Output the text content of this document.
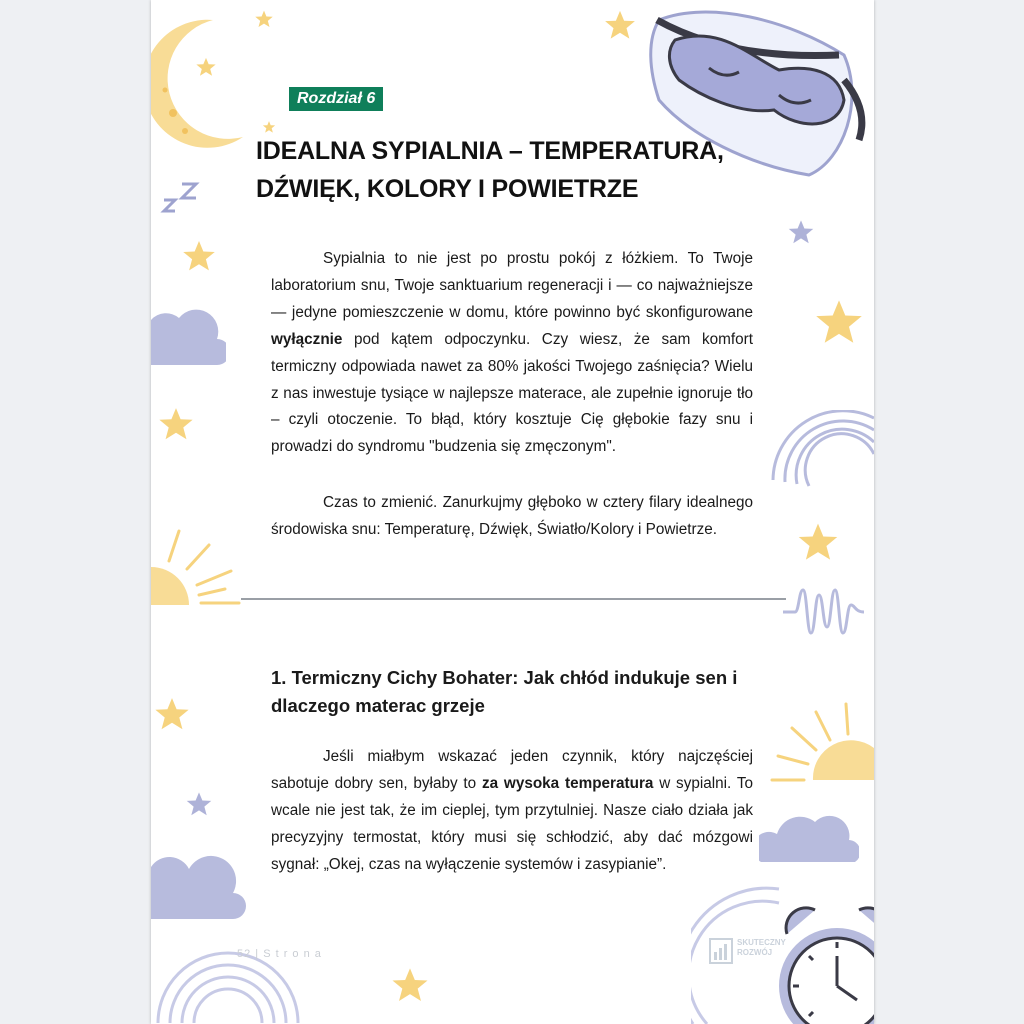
Rozdział 6
IDEALNA SYPIALNIA – TEMPERATURA,
DŹWIĘK, KOLORY I POWIETRZE

Sypialnia to nie jest po prostu pokój z łóżkiem. To Twoje laboratorium snu, Twoje sanktuarium regeneracji i — co najważniejsze — jedyne pomieszczenie w domu, które powinno być skonfigurowane wyłącznie pod kątem odpoczynku. Czy wiesz, że sam komfort termiczny odpowiada nawet za 80% jakości Twojego zaśnięcia? Wielu z nas inwestuje tysiące w najlepsze materace, ale zupełnie ignoruje tło – czyli otoczenie. To błąd, który kosztuje Cię głębokie fazy snu i prowadzi do syndromu "budzenia się zmęczonym".

Czas to zmienić. Zanurkujmy głęboko w cztery filary idealnego środowiska snu: Temperaturę, Dźwięk, Światło/Kolory i Powietrze.

1. Termiczny Cichy Bohater: Jak chłód indukuje sen i dlaczego materac grzeje

Jeśli miałbym wskazać jeden czynnik, który najczęściej sabotuje dobry sen, byłaby to za wysoka temperatura w sypialni. To wcale nie jest tak, że im cieplej, tym przytulniej. Nasze ciało działa jak precyzyjny termostat, który musi się schłodzić, aby dać mózgowi sygnał: „Okej, czas na wyłączenie systemów i zasypianie”.

52 | S t r o n a
SKUTECZNY
ROZWÓJ
